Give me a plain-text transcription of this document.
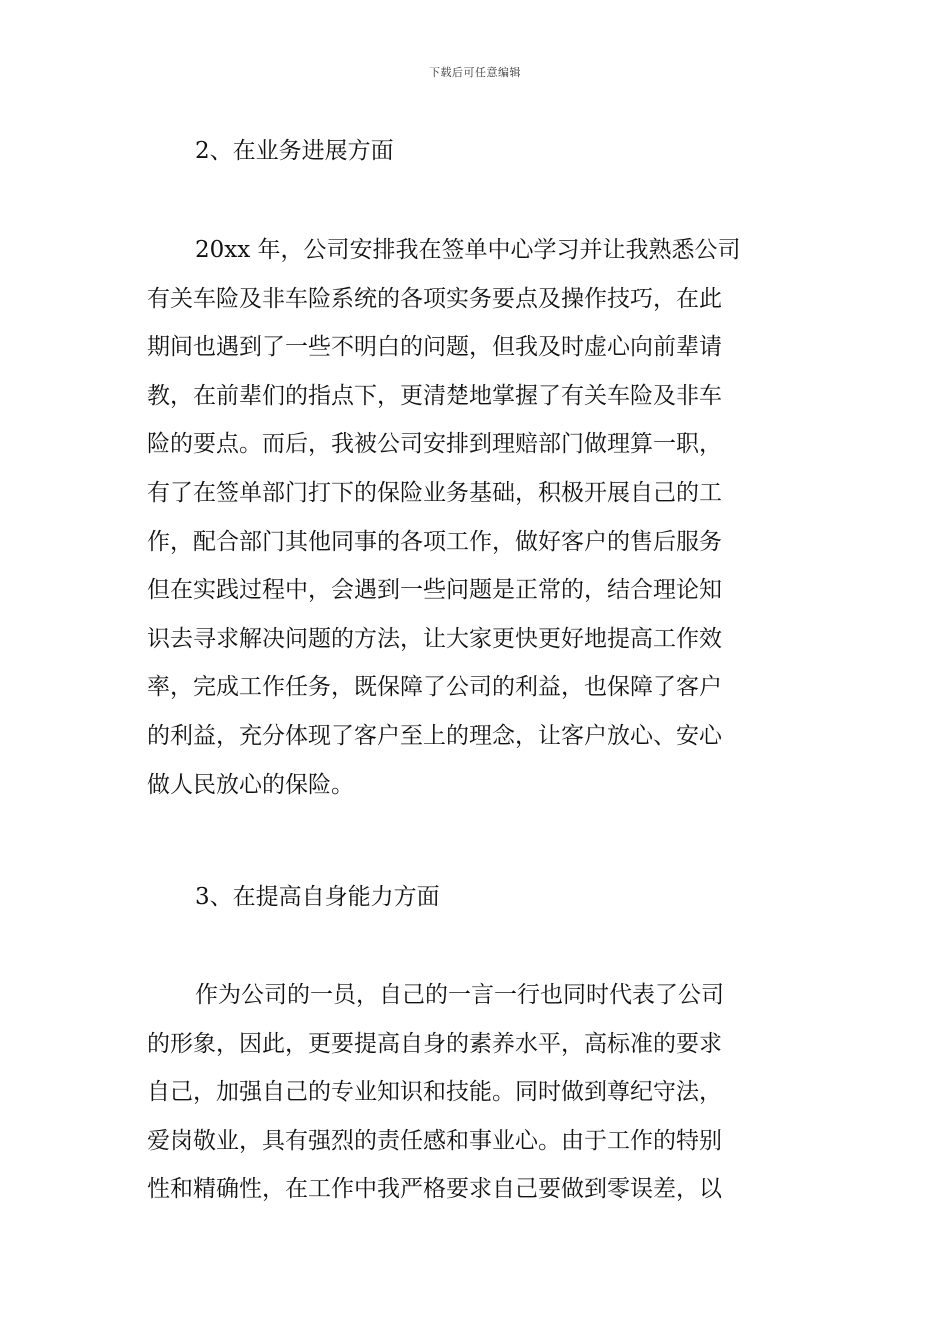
下载后可任意编辑
2、在业务进展方面
20xx 年，公司安排我在签单中心学习并让我熟悉公司
有关车险及非车险系统的各项实务要点及操作技巧，在此
期间也遇到了一些不明白的问题，但我及时虚心向前辈请
教，在前辈们的指点下，更清楚地掌握了有关车险及非车
险的要点。而后，我被公司安排到理赔部门做理算一职，
有了在签单部门打下的保险业务基础，积极开展自己的工
作，配合部门其他同事的各项工作，做好客户的售后服务
但在实践过程中，会遇到一些问题是正常的，结合理论知
识去寻求解决问题的方法，让大家更快更好地提高工作效
率，完成工作任务，既保障了公司的利益，也保障了客户
的利益，充分体现了客户至上的理念，让客户放心、安心
做人民放心的保险。
3、在提高自身能力方面
作为公司的一员，自己的一言一行也同时代表了公司
的形象，因此，更要提高自身的素养水平，高标准的要求
自己，加强自己的专业知识和技能。同时做到尊纪守法，
爱岗敬业，具有强烈的责任感和事业心。由于工作的特别
性和精确性，在工作中我严格要求自己要做到零误差，以
